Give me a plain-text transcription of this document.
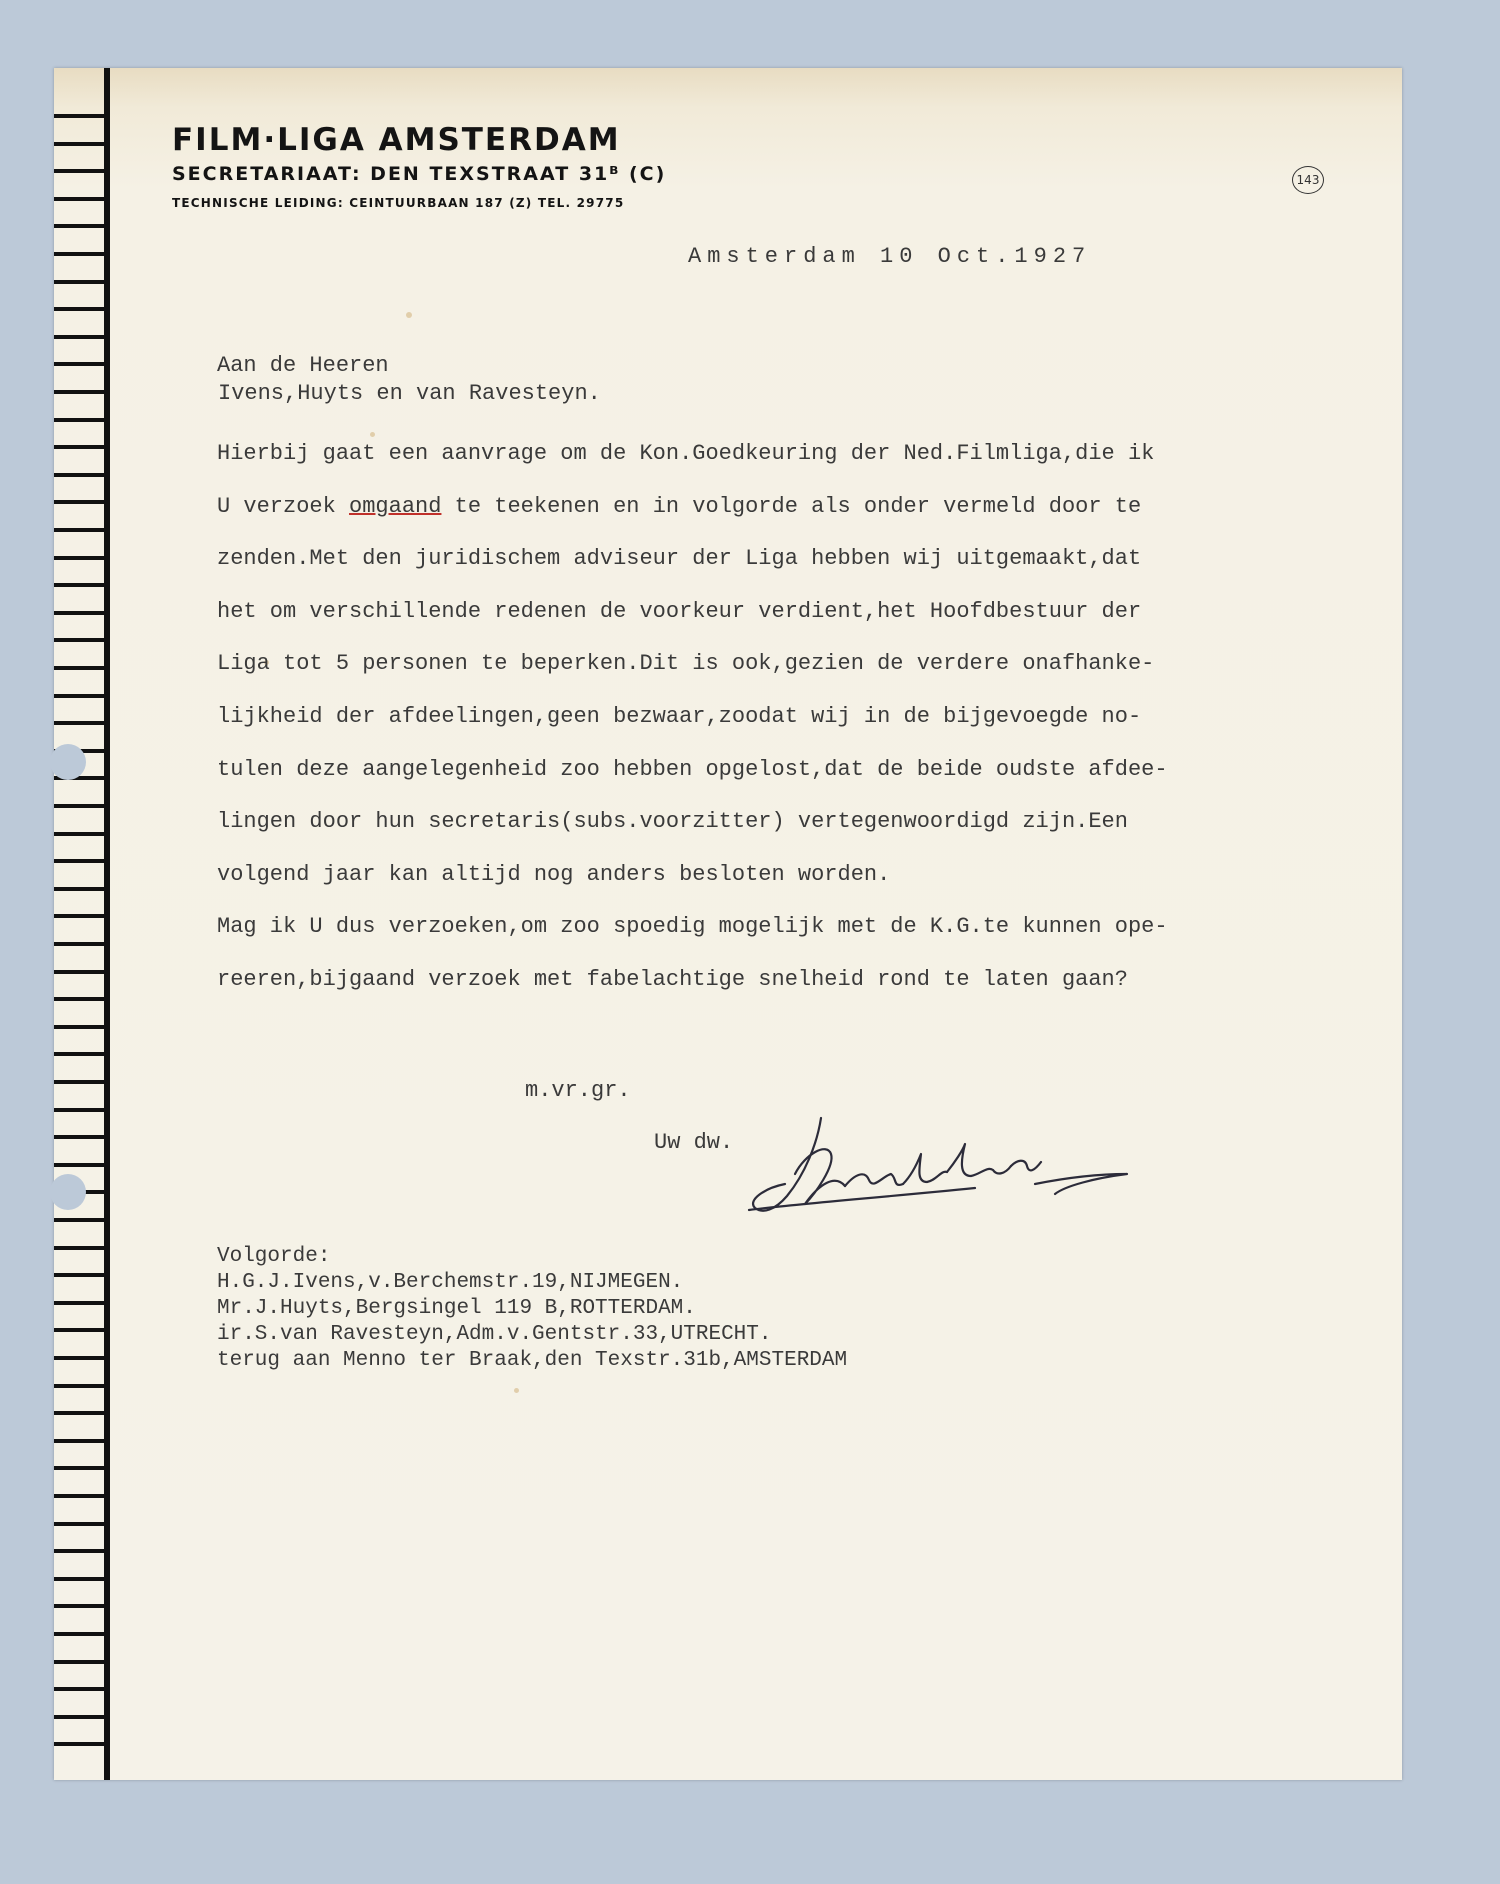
FILM·LIGA AMSTERDAM
SECRETARIAAT: DEN TEXSTRAAT 31ᴮ (C)
TECHNISCHE LEIDING: CEINTUURBAAN 187 (Z) TEL. 29775
143
Amsterdam 10 Oct.1927
Aan de Heeren
Ivens,Huyts en van Ravesteyn.
Hierbij gaat een aanvrage om de Kon.Goedkeuring der Ned.Filmliga,die ik
U verzoek omgaand te teekenen en in volgorde als onder vermeld door te
zenden.Met den juridischem adviseur der Liga hebben wij uitgemaakt,dat
het om verschillende redenen de voorkeur verdient,het Hoofdbestuur der
Liga tot 5 personen te beperken.Dit is ook,gezien de verdere onafhanke-
lijkheid der afdeelingen,geen bezwaar,zoodat wij in de bijgevoegde no-
tulen deze aangelegenheid zoo hebben opgelost,dat de beide oudste afdee-
lingen door hun secretaris(subs.voorzitter) vertegenwoordigd zijn.Een
volgend jaar kan altijd nog anders besloten worden.
Mag ik U dus verzoeken,om zoo spoedig mogelijk met de K.G.te kunnen ope-
reeren,bijgaand verzoek met fabelachtige snelheid rond te laten gaan?
m.vr.gr.
Uw dw.
Volgorde:
H.G.J.Ivens,v.Berchemstr.19,NIJMEGEN.
Mr.J.Huyts,Bergsingel 119 B,ROTTERDAM.
ir.S.van Ravesteyn,Adm.v.Gentstr.33,UTRECHT.
terug aan Menno ter Braak,den Texstr.31b,AMSTERDAM
